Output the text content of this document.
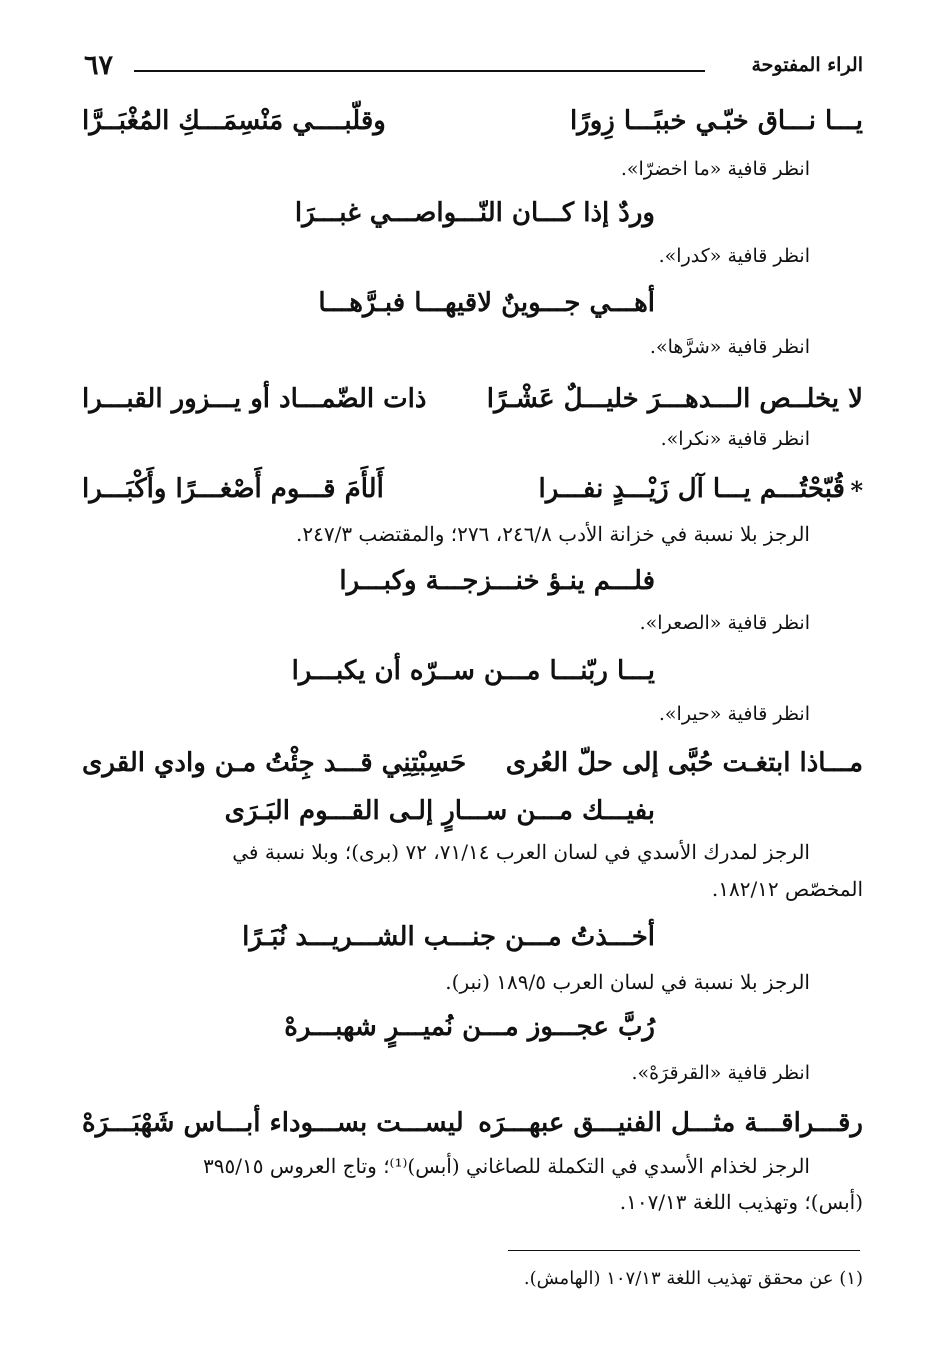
الراء المفتوحة
٦٧
يـــا نـــاق خبّـي خببًـــا زِورًا
وقلّبــــي مَنْسِمَـــكِ المُغْبَــرَّا
انظر قافية «ما اخضرّا».
وردٌ إذا كـــان النّـــواصـــي غبـــرَا
انظر قافية «كدرا».
أهـــي جـــوينٌ لاقيهـــا فبـرَّهـــا
انظر قافية «شرَّها».
لا يخلــص الـــدهـــرَ خليـــلٌ عَشْـرًا
ذات الضّمـــاد أو يـــزور القبـــرا
انظر قافية «نكرا».
*
قُبّحْتُـــم يـــا آل زَيْـــدٍ نفـــرا
أَلأَمَ قـــوم أَصْغـــرًا وأَكْبَـــرا
الرجز بلا نسبة في خزانة الأدب ٢٤٦/٨، ٢٧٦؛ والمقتضب ٢٤٧/٣.
فلـــم ينـؤ خنـــزجـــة وكبـــرا
انظر قافية «الصعرا».
يـــا ربّنـــا مـــن ســرّه أن يكبـــرا
انظر قافية «حيرا».
مـــاذا ابتغـت حُبَّى إلى حلّ العُرى
حَسِبْتِنِي قـــد جِئْتُ مـن وادي القرى
بفيـــك مـــن ســـارٍ إلـى القـــوم البَـرَى
الرجز لمدرك الأسدي في لسان العرب ٧١/١٤، ٧٢ (برى)؛ وبلا نسبة في
المخصّص ١٨٢/١٢.
أخـــذتُ مـــن جنـــب الشـــريـــد نُبَـرًا
الرجز بلا نسبة في لسان العرب ١٨٩/٥ (نبر).
رُبَّ عجـــوز مـــن نُميـــرٍ شهبـــرهْ
انظر قافية «القرقرَهْ».
رقـــراقـــة مثـــل الفنيـــق عبهـــرَه
ليســـت بســـوداء أبـــاس شَهْبَـــرَهْ
الرجز لخذام الأسدي في التكملة للصاغاني (أبس)⁽¹⁾؛ وتاج العروس ٣٩٥/١٥
(أبس)؛ وتهذيب اللغة ١٠٧/١٣.
(١) عن محقق تهذيب اللغة ١٠٧/١٣ (الهامش).
